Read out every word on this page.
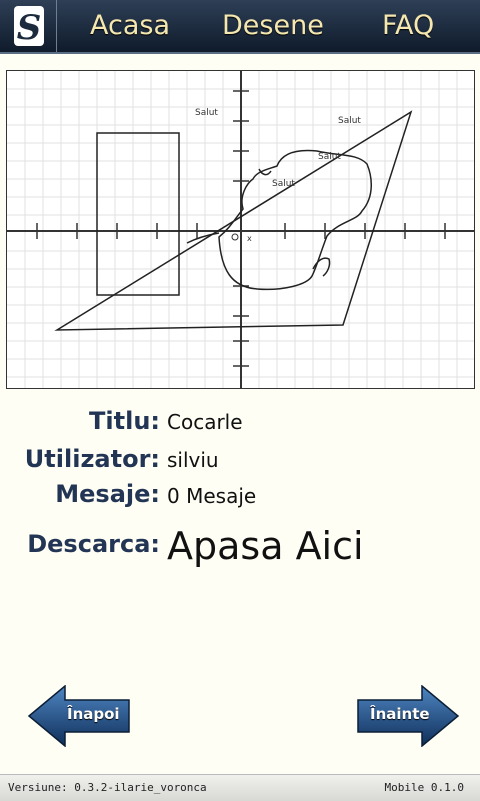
S Acasa Desene FAQ
Salut
Salut
Salut
Salut
x
Titlu: Cocarle
Utilizator: silviu
Mesaje: 0 Mesaje
Descarca: Apasa Aici
Înapoi	Înainte
Versiune: 0.3.2-ilarie_voronca	Mobile 0.1.0
